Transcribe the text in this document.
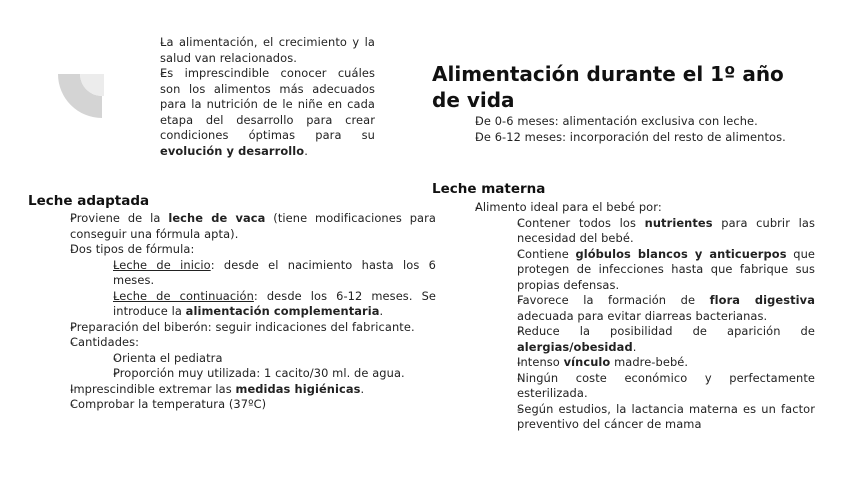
- La alimentación, el crecimiento y la salud van relacionados.
- Es imprescindible conocer cuáles son los alimentos más adecuados para la nutrición de le niñe en cada etapa del desarrollo para crear condiciones óptimas para su evolución y desarrollo.
Alimentación durante el 1º año de vida
- De 0-6 meses: alimentación exclusiva con leche.
- De 6-12 meses: incorporación del resto de alimentos.
Leche adaptada
- Proviene de la leche de vaca (tiene modificaciones para conseguir una fórmula apta).
- Dos tipos de fórmula:
- Leche de inicio: desde el nacimiento hasta los 6 meses.
- Leche de continuación: desde los 6-12 meses. Se introduce la alimentación complementaria.
- Preparación del biberón: seguir indicaciones del fabricante.
- Cantidades:
- Orienta el pediatra
- Proporción muy utilizada: 1 cacito/30 ml. de agua.
- Imprescindible extremar las medidas higiénicas.
- Comprobar la temperatura (37ºC)
Leche materna
- Alimento ideal para el bebé por:
- Contener todos los nutrientes para cubrir las necesidad del bebé.
- Contiene glóbulos blancos y anticuerpos que protegen de infecciones hasta que fabrique sus propias defensas.
- Favorece la formación de flora digestiva adecuada para evitar diarreas bacterianas.
- Reduce la posibilidad de aparición de alergias/obesidad.
- Intenso vínculo madre-bebé.
- Ningún coste económico y perfectamente esterilizada.
- Según estudios, la lactancia materna es un factor preventivo del cáncer de mama
